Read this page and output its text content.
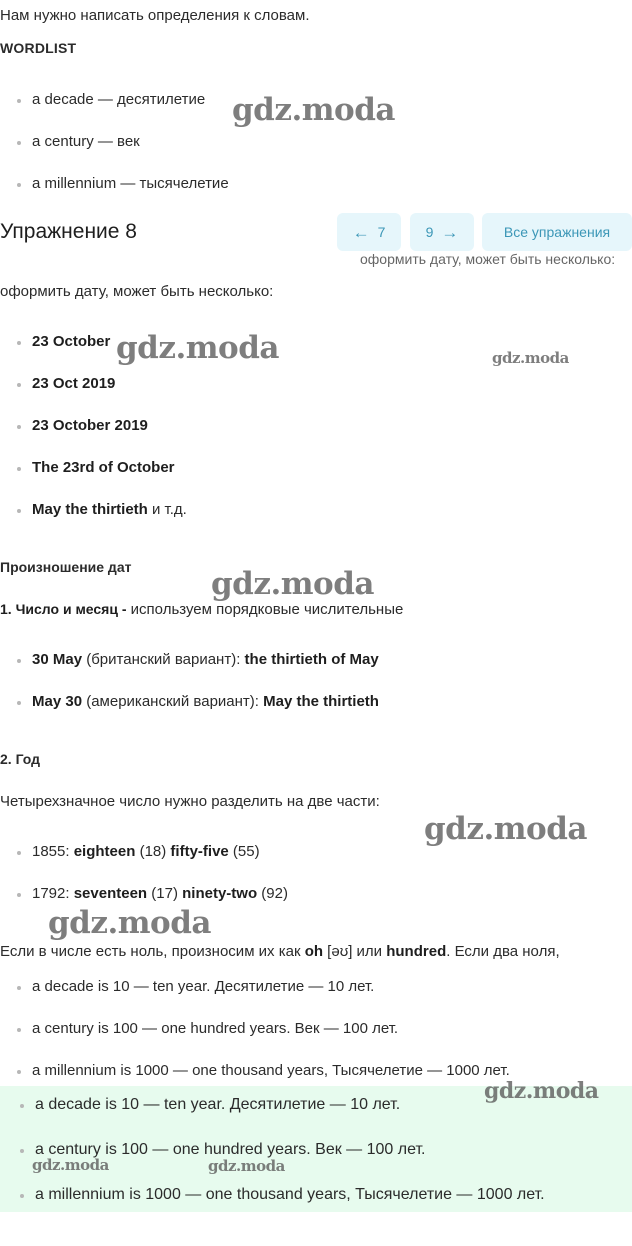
Нам нужно написать определения к словам.
WORDLIST
a decade — десятилетие
a century — век
a millennium — тысячелетие
Упражнение 8	← 7	9 →	Все упражнения
оформить дату, может быть несколько:
оформить дату, может быть несколько:
23 October
23 Oct 2019
23 October 2019
The 23rd of October
May the thirtieth и т.д.
Произношение дат
1. Число и месяц - используем порядковые числительные
30 May (британский вариант): the thirtieth of May
May 30 (американский вариант): May the thirtieth
2. Год
Четырехзначное число нужно разделить на две части:
1855: eighteen (18) fifty-five (55)
1792: seventeen (17) ninety-two (92)
Если в числе есть ноль, произносим их как oh [əʊ] или hundred. Если два ноля,
a decade is 10 — ten year. Десятилетие — 10 лет.
a century is 100 — one hundred years. Век — 100 лет.
a millennium is 1000 — one thousand years, Тысячелетие — 1000 лет.
a decade is 10 — ten year. Десятилетие — 10 лет.
a century is 100 — one hundred years. Век — 100 лет.
a millennium is 1000 — one thousand years, Тысячелетие — 1000 лет.
gdz.moda
gdz.moda	gdz.moda
gdz.moda
gdz.moda
gdz.moda
gdz.moda
gdz.moda	gdz.moda
